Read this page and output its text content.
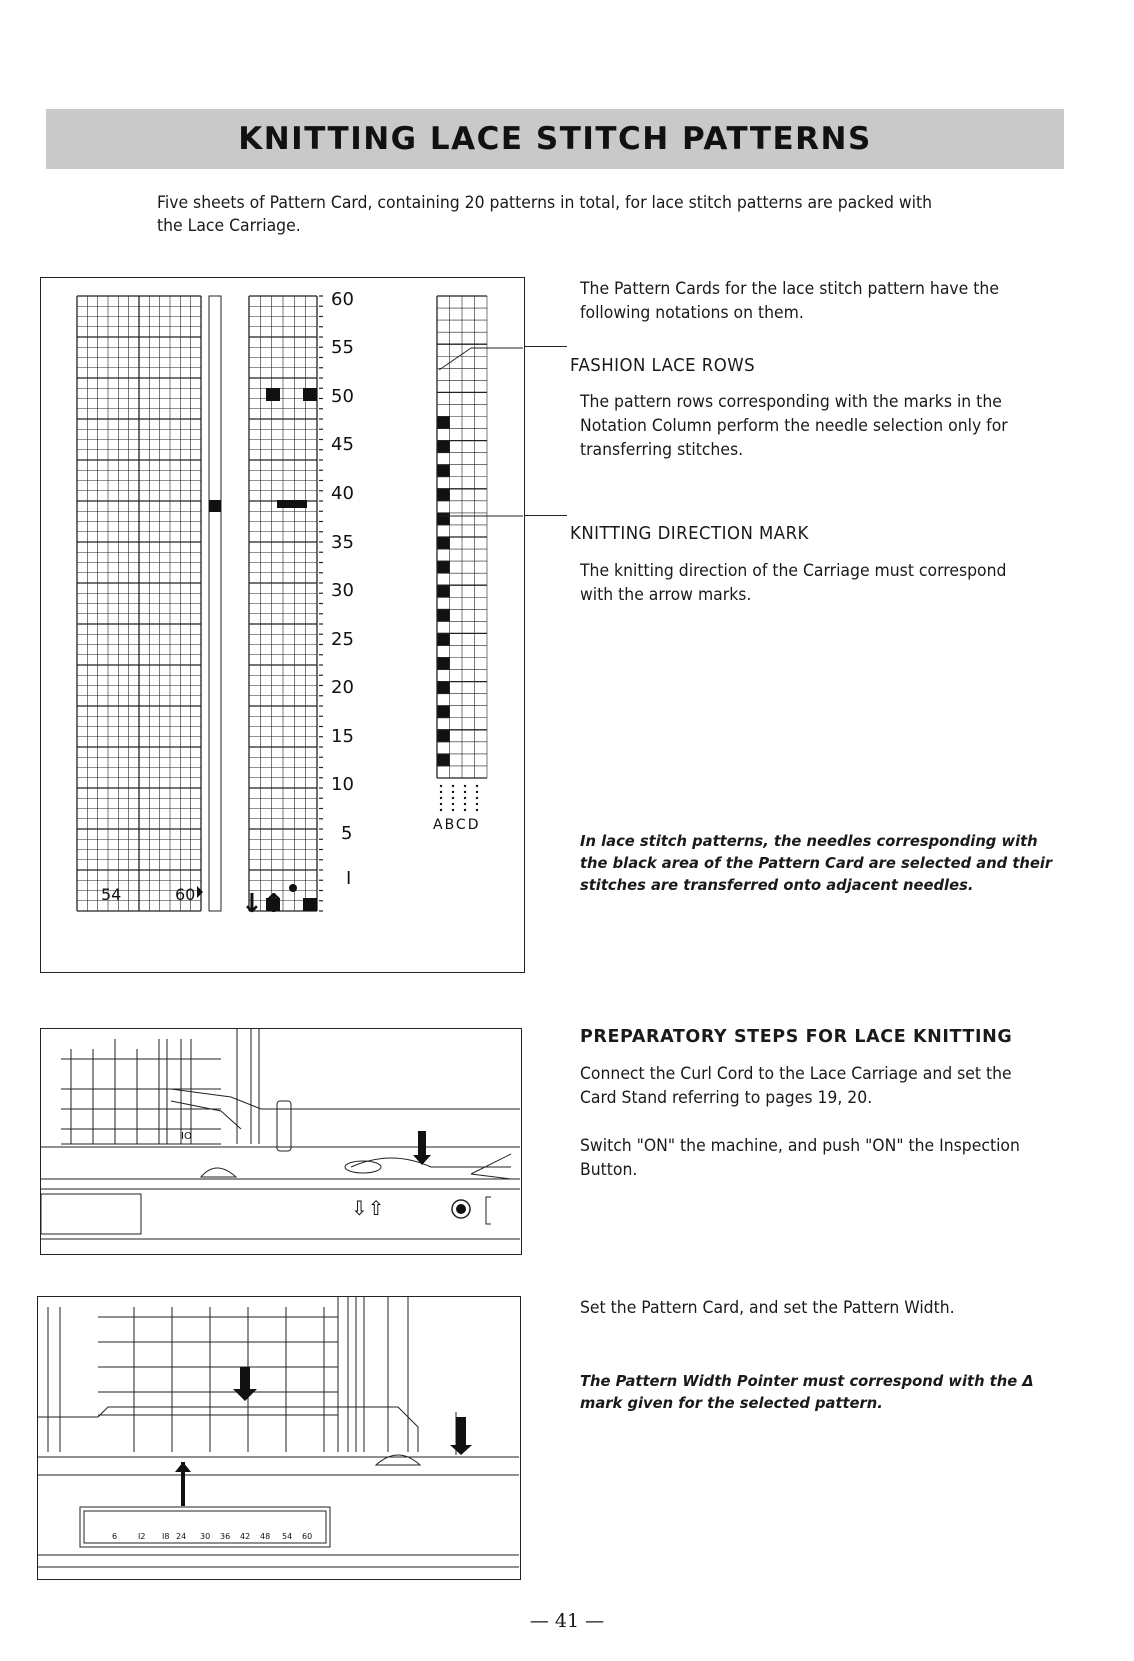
KNITTING LACE STITCH PATTERNS
Five sheets of Pattern Card, containing 20 patterns in total, for lace stitch patterns are packed with the Lace Carriage.
60
55
50
45
40
35
30
25
20
15
10
5
I
ABCD
54	60 ↓↑
The Pattern Cards for the lace stitch pattern have the following notations on them.
FASHION LACE ROWS
The pattern rows corresponding with the marks in the Notation Column perform the needle selection only for transferring stitches.
KNITTING DIRECTION MARK
The knitting direction of the Carriage must correspond with the arrow marks.
In lace stitch patterns, the needles corresponding with the black area of the Pattern Card are selected and their stitches are transferred onto adjacent needles.
⇩⇧
IO
PREPARATORY STEPS FOR LACE KNITTING
Connect the Curl Cord to the Lace Carriage and set the Card Stand referring to pages 19, 20.
Switch "ON" the machine, and push "ON" the Inspection Button.
6	I2 I8 24 30 36 42 48 54 60
Set the Pattern Card, and set the Pattern Width.
The Pattern Width Pointer must correspond with the Δ mark given for the selected pattern.
— 41 —
